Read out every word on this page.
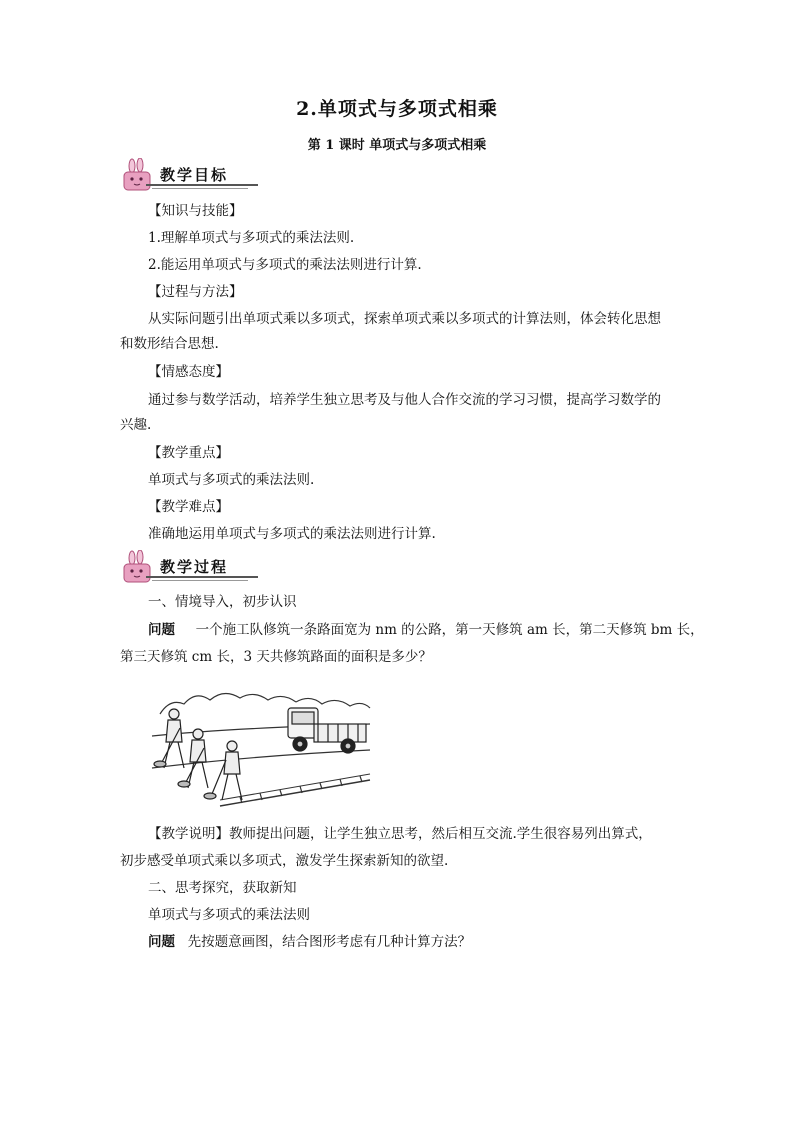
2.单项式与多项式相乘
第 1 课时 单项式与多项式相乘
教学目标
【知识与技能】
1.理解单项式与多项式的乘法法则.
2.能运用单项式与多项式的乘法法则进行计算.
【过程与方法】
从实际问题引出单项式乘以多项式，探索单项式乘以多项式的计算法则，体会转化思想
和数形结合思想.
【情感态度】
通过参与数学活动，培养学生独立思考及与他人合作交流的学习习惯，提高学习数学的
兴趣.
【教学重点】
单项式与多项式的乘法法则.
【教学难点】
准确地运用单项式与多项式的乘法法则进行计算.
教学过程
一、情境导入，初步认识
问题 一个施工队修筑一条路面宽为 nm 的公路，第一天修筑 am 长，第二天修筑 bm 长，
第三天修筑 cm 长，3 天共修筑路面的面积是多少？
【教学说明】教师提出问题，让学生独立思考，然后相互交流.学生很容易列出算式，
初步感受单项式乘以多项式，激发学生探索新知的欲望.
二、思考探究，获取新知
单项式与多项式的乘法法则
问题 先按题意画图，结合图形考虑有几种计算方法？
